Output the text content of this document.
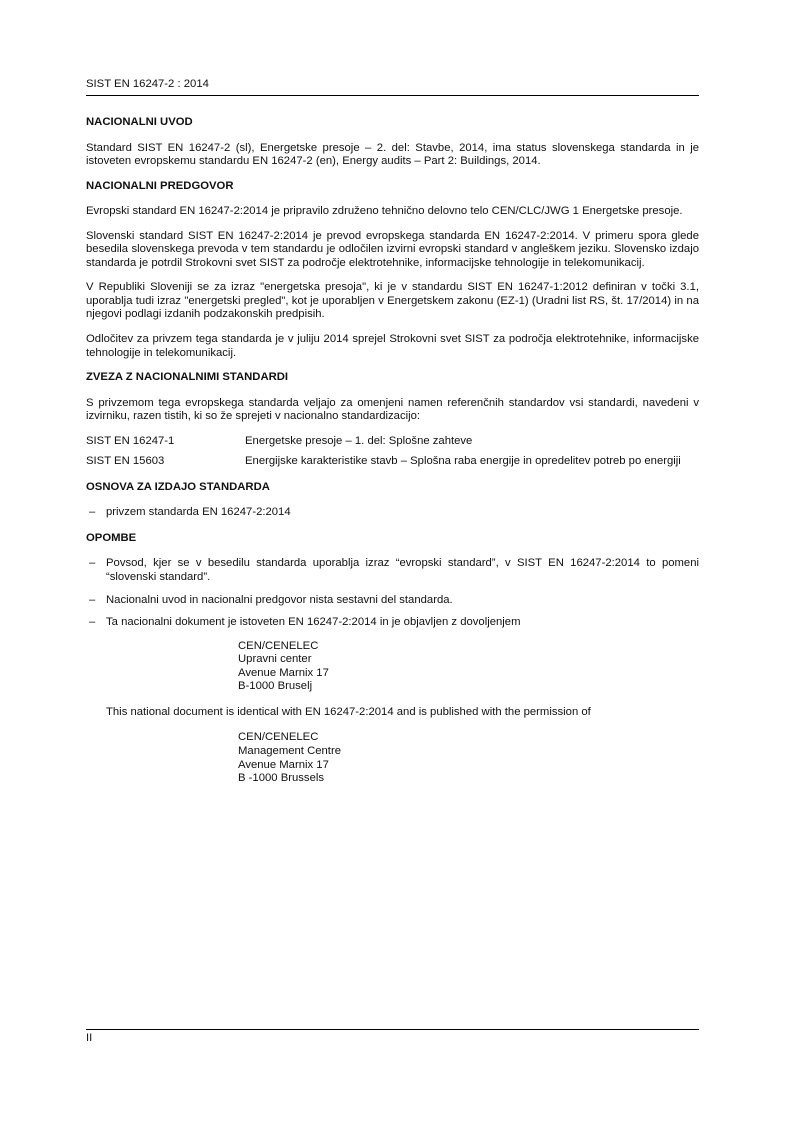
SIST EN 16247-2 : 2014
NACIONALNI UVOD

Standard SIST EN 16247-2 (sl), Energetske presoje – 2. del: Stavbe, 2014, ima status slovenskega standarda in je istoveten evropskemu standardu EN 16247-2 (en), Energy audits – Part 2: Buildings, 2014.

NACIONALNI PREDGOVOR

Evropski standard EN 16247-2:2014 je pripravilo združeno tehnično delovno telo CEN/CLC/JWG 1 Energetske presoje.

Slovenski standard SIST EN 16247-2:2014 je prevod evropskega standarda EN 16247-2:2014. V primeru spora glede besedila slovenskega prevoda v tem standardu je odločilen izvirni evropski standard v angleškem jeziku. Slovensko izdajo standarda je potrdil Strokovni svet SIST za področje elektrotehnike, informacijske tehnologije in telekomunikacij.

V Republiki Sloveniji se za izraz "energetska presoja", ki je v standardu SIST EN 16247-1:2012 definiran v točki 3.1, uporablja tudi izraz "energetski pregled", kot je uporabljen v Energetskem zakonu (EZ-1) (Uradni list RS, št. 17/2014) in na njegovi podlagi izdanih podzakonskih predpisih.

Odločitev za privzem tega standarda je v juliju 2014 sprejel Strokovni svet SIST za področja elektrotehnike, informacijske tehnologije in telekomunikacij.

ZVEZA Z NACIONALNIMI STANDARDI

S privzemom tega evropskega standarda veljajo za omenjeni namen referenčnih standardov vsi standardi, navedeni v izvirniku, razen tistih, ki so že sprejeti v nacionalno standardizacijo:

SIST EN 16247-1	Energetske presoje – 1. del: Splošne zahteve
SIST EN 15603	Energijske karakteristike stavb – Splošna raba energije in opredelitev potreb po energiji
OSNOVA ZA IZDAJO STANDARDA
– privzem standarda EN 16247-2:2014
OPOMBE
– Povsod, kjer se v besedilu standarda uporablja izraz “evropski standard”, v SIST EN 16247-2:2014 to pomeni “slovenski standard”.
– Nacionalni uvod in nacionalni predgovor nista sestavni del standarda.
– Ta nacionalni dokument je istoveten EN 16247-2:2014 in je objavljen z dovoljenjem
CEN/CENELEC
Upravni center
Avenue Marnix 17
B-1000 Bruselj
This national document is identical with EN 16247-2:2014 and is published with the permission of
CEN/CENELEC
Management Centre
Avenue Marnix 17
B -1000 Brussels
II
